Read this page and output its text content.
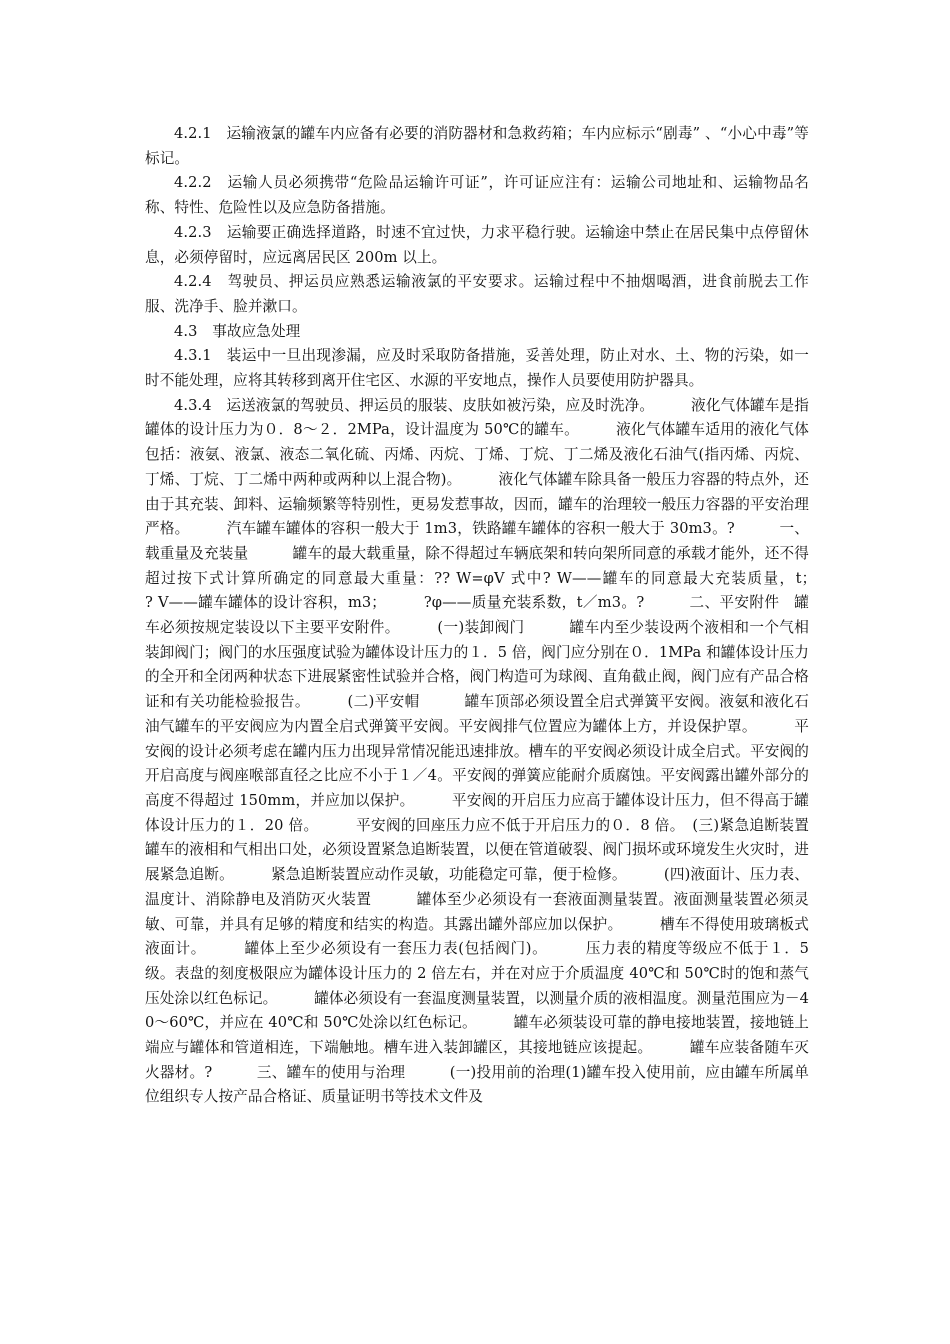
4.2.1　运输液氯的罐车内应备有必要的消防器材和急救药箱；车内应标示“剧毒” 、“小心中毒”等标记。

4.2.2　运输人员必须携带“危险品运输许可证”，许可证应注有：运输公司地址和、运输物品名称、特性、危险性以及应急防备措施。

4.2.3　运输要正确选择道路，时速不宜过快，力求平稳行驶。运输途中禁止在居民集中点停留休息，必须停留时，应远离居民区 200m 以上。

4.2.4　驾驶员、押运员应熟悉运输液氯的平安要求。运输过程中不抽烟喝酒，进食前脱去工作服、洗净手、脸并漱口。

4.3　事故应急处理

4.3.1　装运中一旦出现渗漏，应及时采取防备措施，妥善处理，防止对水、土、物的污染，如一时不能处理，应将其转移到离开住宅区、水源的平安地点，操作人员要使用防护器具。

4.3.4　运送液氯的驾驶员、押运员的服装、皮肤如被污染，应及时洗净。　　　液化气体罐车是指罐体的设计压力为０．8～２．2MPa，设计温度为 50℃的罐车。　　　液化气体罐车适用的液化气体包括：液氨、液氯、液态二氧化硫、丙烯、丙烷、丁烯、丁烷、丁二烯及液化石油气(指丙烯、丙烷、丁烯、丁烷、丁二烯中两种或两种以上混合物)。　　　液化气体罐车除具备一般压力容器的特点外，还由于其充装、卸料、运输频繁等特别性，更易发惹事故，因而，罐车的治理较一般压力容器的平安治理严格。　　　汽车罐车罐体的容积一般大于 1m3，铁路罐车罐体的容积一般大于 30m3。?　　　一、载重量及充装量　　　罐车的最大载重量，除不得超过车辆底架和转向架所同意的承载才能外，还不得超过按下式计算所确定的同意最大重量：?? W=φV 式中? W——罐车的同意最大充装质量，t；　　　? V——罐车罐体的设计容积，m3；　　　?φ——质量充装系数，t／m3。?　　　二、平安附件　罐车必须按规定装设以下主要平安附件。　　　(一)装卸阀门　　　罐车内至少装设两个液相和一个气相装卸阀门；阀门的水压强度试验为罐体设计压力的１．5 倍，阀门应分别在０．1MPa 和罐体设计压力的全开和全闭两种状态下进展紧密性试验并合格，阀门构造可为球阀、直角截止阀，阀门应有产品合格证和有关功能检验报告。　　　(二)平安帽　　　罐车顶部必须设置全启式弹簧平安阀。液氨和液化石油气罐车的平安阀应为内置全启式弹簧平安阀。平安阀排气位置应为罐体上方，并设保护罩。　　　平安阀的设计必须考虑在罐内压力出现异常情况能迅速排放。槽车的平安阀必须设计成全启式。平安阀的开启高度与阀座喉部直径之比应不小于１／4。平安阀的弹簧应能耐介质腐蚀。平安阀露出罐外部分的高度不得超过 150mm，并应加以保护。　　　平安阀的开启压力应高于罐体设计压力，但不得高于罐体设计压力的１．20 倍。　　　平安阀的回座压力应不低于开启压力的０．8 倍。　(三)紧急追断装置　　　罐车的液相和气相出口处，必须设置紧急追断装置，以便在管道破裂、阀门损坏或环境发生火灾时，进展紧急追断。　　　紧急追断装置应动作灵敏，功能稳定可靠，便于检修。　　　(四)液面计、压力表、温度计、消除静电及消防灭火装置　　　罐体至少必须设有一套液面测量装置。液面测量装置必须灵敏、可靠，并具有足够的精度和结实的构造。其露出罐外部应加以保护。　　　槽车不得使用玻璃板式液面计。　　　罐体上至少必须设有一套压力表(包括阀门)。　　　压力表的精度等级应不低于１．5 级。表盘的刻度极限应为罐体设计压力的 2 倍左右，并在对应于介质温度 40℃和 50℃时的饱和蒸气压处涂以红色标记。　　　罐体必须设有一套温度测量装置，以测量介质的液相温度。测量范围应为－40～60℃，并应在 40℃和 50℃处涂以红色标记。　　　罐车必须装设可靠的静电接地装置，接地链上端应与罐体和管道相连，下端触地。槽车进入装卸罐区，其接地链应该提起。　　　罐车应装备随车灭火器材。?　　　三、罐车的使用与治理　　　(一)投用前的治理(1)罐车投入使用前，应由罐车所属单位组织专人按产品合格证、质量证明书等技术文件及
